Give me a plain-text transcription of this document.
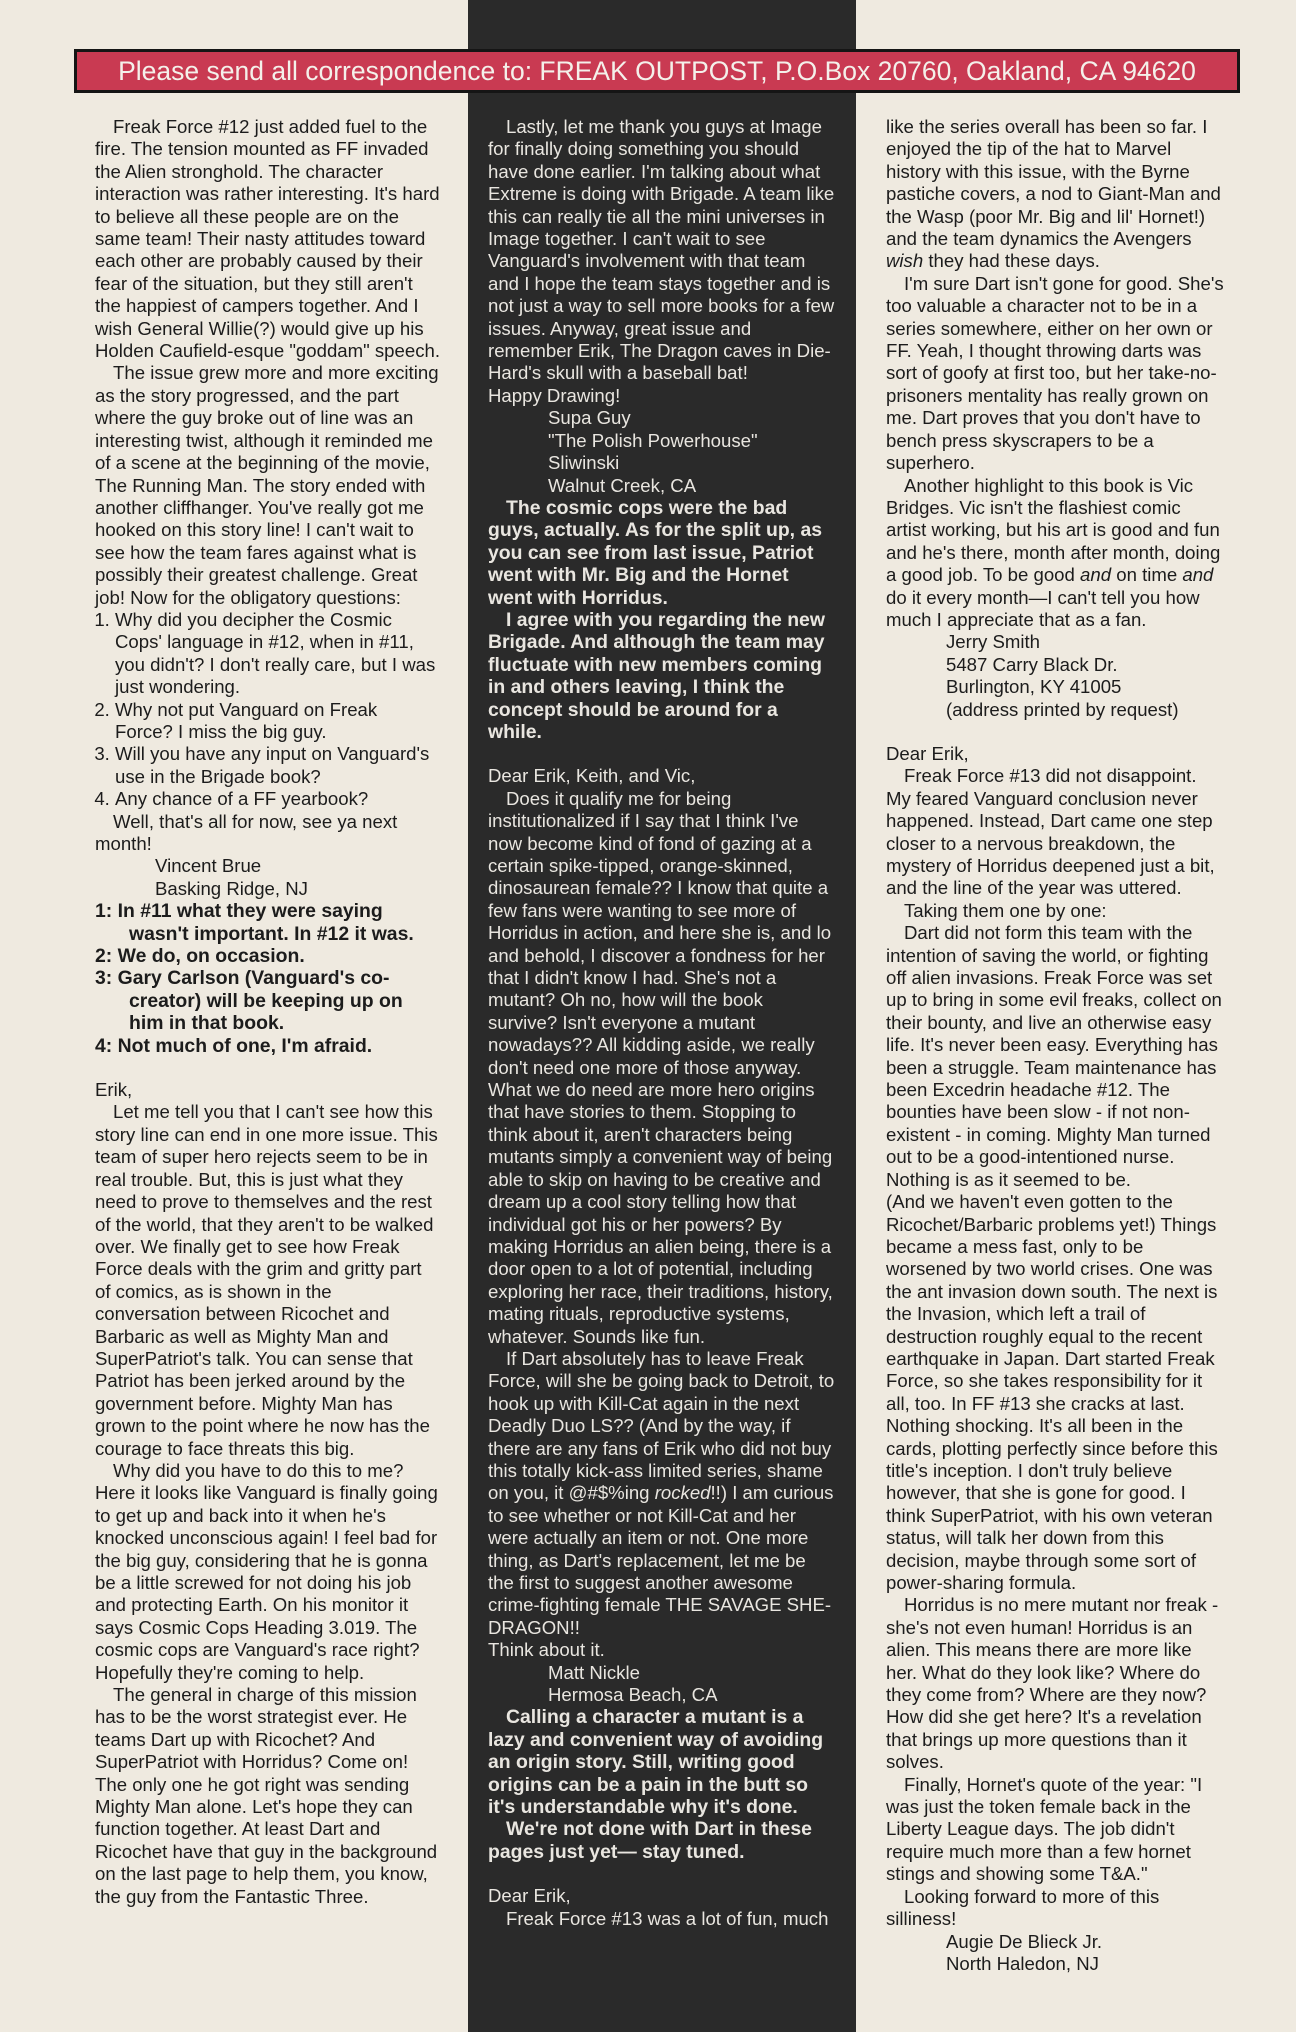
Please send all correspondence to: FREAK OUTPOST, P.O.Box 20760, Oakland, CA 94620

Freak Force #12 just added fuel to the fire. The tension mounted as FF invaded the Alien stronghold. The character interaction was rather interesting. It's hard to believe all these people are on the same team! Their nasty attitudes toward each other are probably caused by their fear of the situation, but they still aren't the happiest of campers together. And I wish General Willie(?) would give up his Holden Caufield-esque "goddam" speech.

The issue grew more and more exciting as the story progressed, and the part where the guy broke out of line was an interesting twist, although it reminded me of a scene at the beginning of the movie, The Running Man. The story ended with another cliffhanger. You've really got me hooked on this story line! I can't wait to see how the team fares against what is possibly their greatest challenge. Great job! Now for the obligatory questions:

1. Why did you decipher the Cosmic Cops' language in #12, when in #11, you didn't? I don't really care, but I was just wondering.
2. Why not put Vanguard on Freak Force? I miss the big guy.
3. Will you have any input on Vanguard's use in the Brigade book?
4. Any chance of a FF yearbook?

Well, that's all for now, see ya next month!

Vincent Brue
Basking Ridge, NJ
1: In #11 what they were saying wasn't important. In #12 it was.
2: We do, on occasion.
3: Gary Carlson (Vanguard's co-creator) will be keeping up on him in that book.
4: Not much of one, I'm afraid.

Erik,

Let me tell you that I can't see how this story line can end in one more issue. This team of super hero rejects seem to be in real trouble. But, this is just what they need to prove to themselves and the rest of the world, that they aren't to be walked over. We finally get to see how Freak Force deals with the grim and gritty part of comics, as is shown in the conversation between Ricochet and Barbaric as well as Mighty Man and SuperPatriot's talk. You can sense that Patriot has been jerked around by the government before. Mighty Man has grown to the point where he now has the courage to face threats this big.

Why did you have to do this to me? Here it looks like Vanguard is finally going to get up and back into it when he's knocked unconscious again! I feel bad for the big guy, considering that he is gonna be a little screwed for not doing his job and protecting Earth. On his monitor it says Cosmic Cops Heading 3.019. The cosmic cops are Vanguard's race right? Hopefully they're coming to help.

The general in charge of this mission has to be the worst strategist ever. He teams Dart up with Ricochet? And SuperPatriot with Horridus? Come on! The only one he got right was sending Mighty Man alone. Let's hope they can function together. At least Dart and Ricochet have that guy in the background on the last page to help them, you know, the guy from the Fantastic Three.

Lastly, let me thank you guys at Image for finally doing something you should have done earlier. I'm talking about what Extreme is doing with Brigade. A team like this can really tie all the mini universes in Image together. I can't wait to see Vanguard's involvement with that team and I hope the team stays together and is not just a way to sell more books for a few issues. Anyway, great issue and remember Erik, The Dragon caves in Die-Hard's skull with a baseball bat!

Happy Drawing!

Supa Guy
"The Polish Powerhouse"
Sliwinski
Walnut Creek, CA

The cosmic cops were the bad guys, actually. As for the split up, as you can see from last issue, Patriot went with Mr. Big and the Hornet went with Horridus.

I agree with you regarding the new Brigade. And although the team may fluctuate with new members coming in and others leaving, I think the concept should be around for a while.

Dear Erik, Keith, and Vic,

Does it qualify me for being institutionalized if I say that I think I've now become kind of fond of gazing at a certain spike-tipped, orange-skinned, dinosaurean female?? I know that quite a few fans were wanting to see more of Horridus in action, and here she is, and lo and behold, I discover a fondness for her that I didn't know I had. She's not a mutant? Oh no, how will the book survive? Isn't everyone a mutant nowadays?? All kidding aside, we really don't need one more of those anyway. What we do need are more hero origins that have stories to them. Stopping to think about it, aren't characters being mutants simply a convenient way of being able to skip on having to be creative and dream up a cool story telling how that individual got his or her powers? By making Horridus an alien being, there is a door open to a lot of potential, including exploring her race, their traditions, history, mating rituals, reproductive systems, whatever. Sounds like fun.

If Dart absolutely has to leave Freak Force, will she be going back to Detroit, to hook up with Kill-Cat again in the next Deadly Duo LS?? (And by the way, if there are any fans of Erik who did not buy this totally kick-ass limited series, shame on you, it @#$%ing rocked!!) I am curious to see whether or not Kill-Cat and her were actually an item or not. One more thing, as Dart's replacement, let me be the first to suggest another awesome crime-fighting female THE SAVAGE SHE-DRAGON!!

Think about it.

Matt Nickle
Hermosa Beach, CA

Calling a character a mutant is a lazy and convenient way of avoiding an origin story. Still, writing good origins can be a pain in the butt so it's understandable why it's done.

We're not done with Dart in these pages just yet— stay tuned.

Dear Erik,

Freak Force #13 was a lot of fun, much

like the series overall has been so far. I enjoyed the tip of the hat to Marvel history with this issue, with the Byrne pastiche covers, a nod to Giant-Man and the Wasp (poor Mr. Big and lil' Hornet!) and the team dynamics the Avengers wish they had these days.

I'm sure Dart isn't gone for good. She's too valuable a character not to be in a series somewhere, either on her own or FF. Yeah, I thought throwing darts was sort of goofy at first too, but her take-no-prisoners mentality has really grown on me. Dart proves that you don't have to bench press skyscrapers to be a superhero.

Another highlight to this book is Vic Bridges. Vic isn't the flashiest comic artist working, but his art is good and fun and he's there, month after month, doing a good job. To be good and on time and do it every month—I can't tell you how much I appreciate that as a fan.

Jerry Smith
5487 Carry Black Dr.
Burlington, KY 41005
(address printed by request)

Dear Erik,

Freak Force #13 did not disappoint. My feared Vanguard conclusion never happened. Instead, Dart came one step closer to a nervous breakdown, the mystery of Horridus deepened just a bit, and the line of the year was uttered.

Taking them one by one:

Dart did not form this team with the intention of saving the world, or fighting off alien invasions. Freak Force was set up to bring in some evil freaks, collect on their bounty, and live an otherwise easy life. It's never been easy. Everything has been a struggle. Team maintenance has been Excedrin headache #12. The bounties have been slow - if not non-existent - in coming. Mighty Man turned out to be a good-intentioned nurse. Nothing is as it seemed to be.

(And we haven't even gotten to the Ricochet/Barbaric problems yet!) Things became a mess fast, only to be worsened by two world crises. One was the ant invasion down south. The next is the Invasion, which left a trail of destruction roughly equal to the recent earthquake in Japan. Dart started Freak Force, so she takes responsibility for it all, too. In FF #13 she cracks at last. Nothing shocking. It's all been in the cards, plotting perfectly since before this title's inception. I don't truly believe however, that she is gone for good. I think SuperPatriot, with his own veteran status, will talk her down from this decision, maybe through some sort of power-sharing formula.

Horridus is no mere mutant nor freak - she's not even human! Horridus is an alien. This means there are more like her. What do they look like? Where do they come from? Where are they now? How did she get here? It's a revelation that brings up more questions than it solves.

Finally, Hornet's quote of the year: "I was just the token female back in the Liberty League days. The job didn't require much more than a few hornet stings and showing some T&A."

Looking forward to more of this silliness!

Augie De Blieck Jr.
North Haledon, NJ
